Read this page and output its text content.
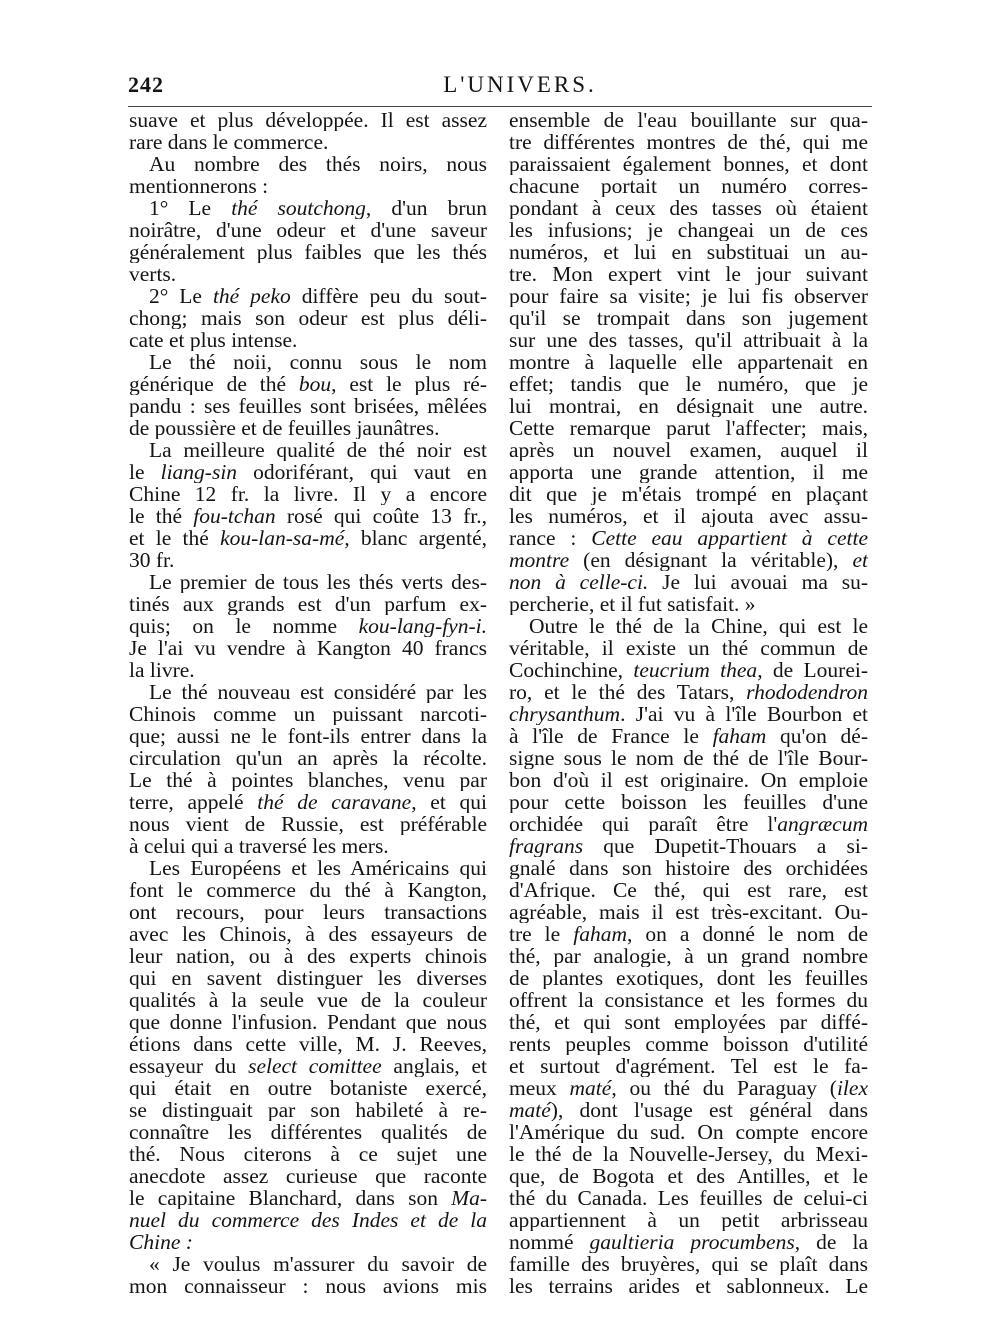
242	L'UNIVERS.
suave et plus développée. Il est assez
rare dans le commerce.
Au nombre des thés noirs, nous
mentionnerons :
1° Le thé soutchong, d'un brun
noirâtre, d'une odeur et d'une saveur
généralement plus faibles que les thés
verts.
2° Le thé peko diffère peu du sout-
chong; mais son odeur est plus déli-
cate et plus intense.
Le thé noii, connu sous le nom
générique de thé bou, est le plus ré-
pandu : ses feuilles sont brisées, mêlées
de poussière et de feuilles jaunâtres.
La meilleure qualité de thé noir est
le liang-sin odoriférant, qui vaut en
Chine 12 fr. la livre. Il y a encore
le thé fou-tchan rosé qui coûte 13 fr.,
et le thé kou-lan-sa-mé, blanc argenté,
30 fr.
Le premier de tous les thés verts des-
tinés aux grands est d'un parfum ex-
quis; on le nomme kou-lang-fyn-i.
Je l'ai vu vendre à Kangton 40 francs
la livre.
Le thé nouveau est considéré par les
Chinois comme un puissant narcoti-
que; aussi ne le font-ils entrer dans la
circulation qu'un an après la récolte.
Le thé à pointes blanches, venu par
terre, appelé thé de caravane, et qui
nous vient de Russie, est préférable
à celui qui a traversé les mers.
Les Européens et les Américains qui
font le commerce du thé à Kangton,
ont recours, pour leurs transactions
avec les Chinois, à des essayeurs de
leur nation, ou à des experts chinois
qui en savent distinguer les diverses
qualités à la seule vue de la couleur
que donne l'infusion. Pendant que nous
étions dans cette ville, M. J. Reeves,
essayeur du select comittee anglais, et
qui était en outre botaniste exercé,
se distinguait par son habileté à re-
connaître les différentes qualités de
thé. Nous citerons à ce sujet une
anecdote assez curieuse que raconte
le capitaine Blanchard, dans son Ma-
nuel du commerce des Indes et de la
Chine :
« Je voulus m'assurer du savoir de
mon connaisseur : nous avions mis
ensemble de l'eau bouillante sur qua-
tre différentes montres de thé, qui me
paraissaient également bonnes, et dont
chacune portait un numéro corres-
pondant à ceux des tasses où étaient
les infusions; je changeai un de ces
numéros, et lui en substituai un au-
tre. Mon expert vint le jour suivant
pour faire sa visite; je lui fis observer
qu'il se trompait dans son jugement
sur une des tasses, qu'il attribuait à la
montre à laquelle elle appartenait en
effet; tandis que le numéro, que je
lui montrai, en désignait une autre.
Cette remarque parut l'affecter; mais,
après un nouvel examen, auquel il
apporta une grande attention, il me
dit que je m'étais trompé en plaçant
les numéros, et il ajouta avec assu-
rance : Cette eau appartient à cette
montre (en désignant la véritable), et
non à celle-ci. Je lui avouai ma su-
percherie, et il fut satisfait. »
Outre le thé de la Chine, qui est le
véritable, il existe un thé commun de
Cochinchine, teucrium thea, de Lourei-
ro, et le thé des Tatars, rhododendron
chrysanthum. J'ai vu à l'île Bourbon et
à l'île de France le faham qu'on dé-
signe sous le nom de thé de l'île Bour-
bon d'où il est originaire. On emploie
pour cette boisson les feuilles d'une
orchidée qui paraît être l'angræcum
fragrans que Dupetit-Thouars a si-
gnalé dans son histoire des orchidées
d'Afrique. Ce thé, qui est rare, est
agréable, mais il est très-excitant. Ou-
tre le faham, on a donné le nom de
thé, par analogie, à un grand nombre
de plantes exotiques, dont les feuilles
offrent la consistance et les formes du
thé, et qui sont employées par diffé-
rents peuples comme boisson d'utilité
et surtout d'agrément. Tel est le fa-
meux maté, ou thé du Paraguay (ilex
maté), dont l'usage est général dans
l'Amérique du sud. On compte encore
le thé de la Nouvelle-Jersey, du Mexi-
que, de Bogota et des Antilles, et le
thé du Canada. Les feuilles de celui-ci
appartiennent à un petit arbrisseau
nommé gaultieria procumbens, de la
famille des bruyères, qui se plaît dans
les terrains arides et sablonneux. Le
